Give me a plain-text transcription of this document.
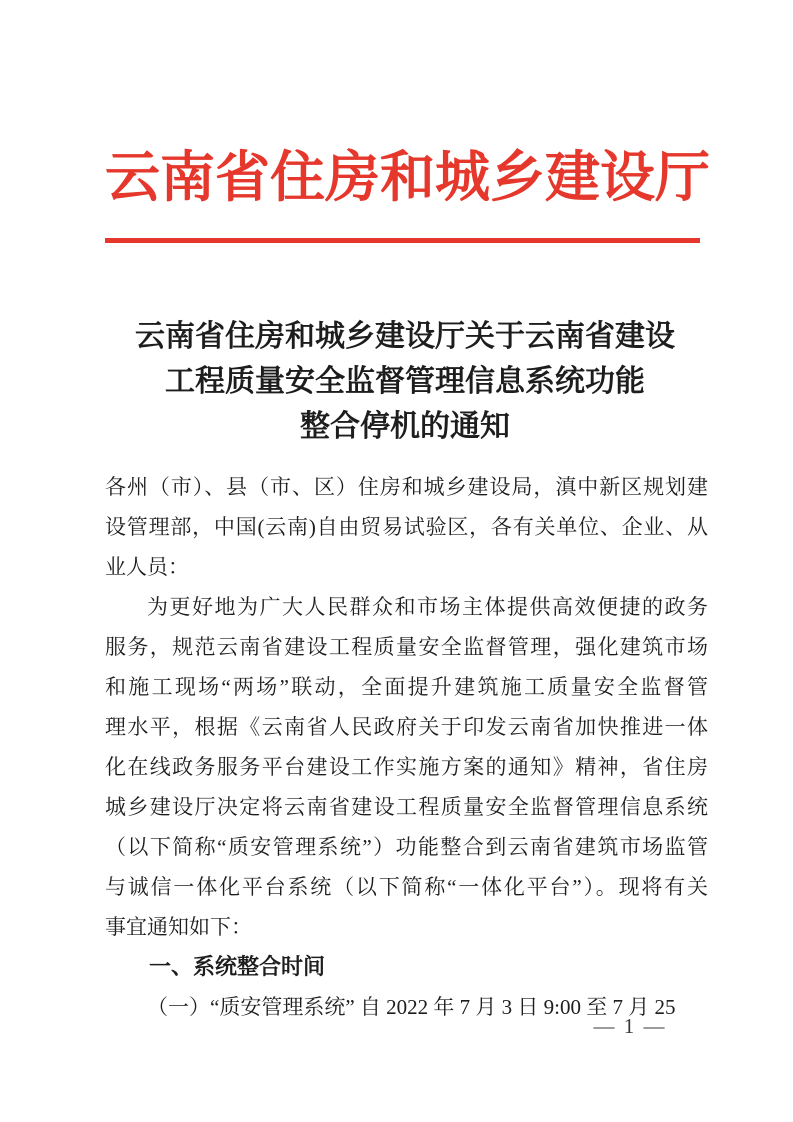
云南省住房和城乡建设厅
云南省住房和城乡建设厅关于云南省建设
工程质量安全监督管理信息系统功能
整合停机的通知
各州（市）、县（市、区）住房和城乡建设局，滇中新区规划建
设管理部，中国(云南)自由贸易试验区，各有关单位、企业、从
业人员：
为更好地为广大人民群众和市场主体提供高效便捷的政务
服务，规范云南省建设工程质量安全监督管理，强化建筑市场
和施工现场“两场”联动，全面提升建筑施工质量安全监督管
理水平，根据《云南省人民政府关于印发云南省加快推进一体
化在线政务服务平台建设工作实施方案的通知》精神，省住房
城乡建设厅决定将云南省建设工程质量安全监督管理信息系统
（以下简称“质安管理系统”）功能整合到云南省建筑市场监管
与诚信一体化平台系统（以下简称“一体化平台”）。现将有关
事宜通知如下：
一、系统整合时间
（一）“质安管理系统” 自 2022 年 7 月 3 日 9:00 至 7 月 25
— 1 —
